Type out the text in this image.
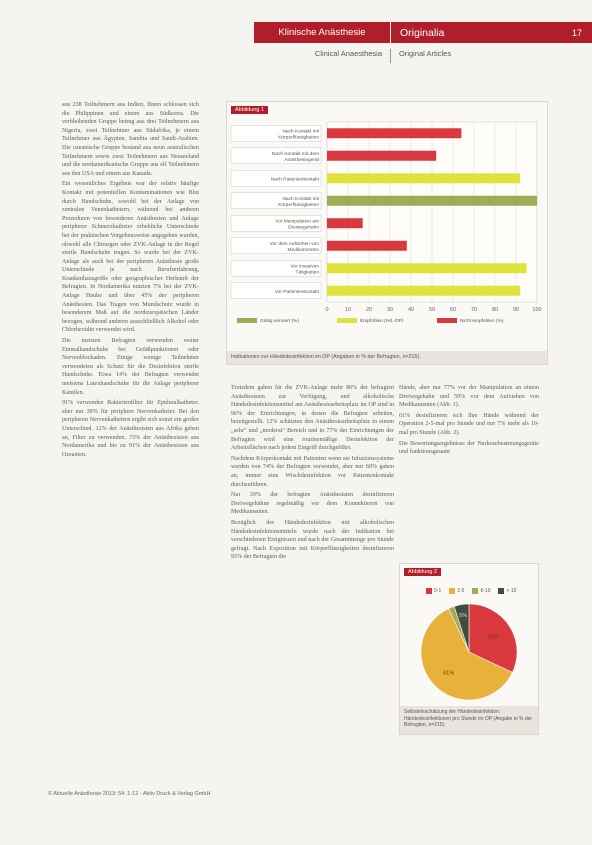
Klinische Anästhesie	Originalia	17
Clinical Anaesthesia	Original Articles

aus 238 Teilnehmern aus Indien, Ihnen schlossen sich die Philippinen und einem aus Südkorea. Die verbleibenden Gruppe betrug aus drei Teilnehmern aus Nigeria, zwei Teilnehmer aus Südafrika, je einem Teilnehmer aus Ägypten, Sambia und Saudi-Arabien. Die ozeanische Gruppe bestand aus neun australischen Teilnehmern sowie zwei Teilnehmern aus Neuseeland und die nordamerikanische Gruppe aus elf Teilnehmern aus den USA und einem aus Kanada.

Ein wesentliches Ergebnis war der relativ häufige Kontakt mit potentiellen Kontaminationen wie Blut durch Handschuhe, sowohl bei der Anlage von zentralen Venenkathetern, während bei anderen Prozeduren von besonderen Anästhesien und Anlage peripherer Schmerzkatheter erhebliche Unterschiede bei der praktischen Vorgehensweise angegeben wurden, obwohl alle Chirurgen oder ZVK-Anlage in der Regel sterile Handschuhe trugen. So wurde bei der ZVK-Anlage als auch bei der peripheren Anästhesie große Unterschiede je nach Berufserfahrung, Krankenhausgröße oder geographischer Herkunft der Befragten. In Nordamerika nutzten 7% bei der ZVK-Anlage Haube und über 45% der peripheren Anästhesien. Das Tragen von Mundschutz wurde in besonderem Maß auf die nordeuropäischen Länder bezogen, während anderen ausschließlich Alkohol oder Chlorhexidin verwendet wird.

Die meisten Befragten verwenden weiter Einmalhandschuhe bei Gefäßpunktionen oder Nervenblockaden. Einige wenige Teilnehmer verwendeten als Schutz für die Desinfektion sterile Handschuhe. Etwa 14% der Befragten verwendet meistens Latexhandschuhe für die Anlage peripherer Kanülen.

91% verwenden Bakterienfilter für Epiduralkatheter, aber nur 39% für periphere Nervenkatheter. Bei den peripheren Nervenkathetern ergibt sich somit ein großer Unterschied. 12% der Anästhesisten aus Afrika geben an, Filter zu verwenden. 73% der Anästhesisten aus Nordamerika und bis zu 91% der Anästhesisten aus Ozeanien.

Abbildung 1
0	10	20	30	40	50	60	70	80	90 100
Nach Kontakt mit
Körperflüssigkeiten
Nach Kontakt mit dem
Anästhesiegerät
Nach Patientenkontakt
Nach Kontakt mit
Körperflüssigkeiten
Vor Manipulation am
Dreiwegehahn
Vor dem Aufziehen von
Medikamenten
Vor invasiven
Tätigkeiten
Vor Patientenkontakt
Gültig erinnert (%)	Empfohlen (Hd.-OP)	Nicht empfohlen (%)
Indikationen zur Händedesinfektion im OP (Angaben in % der Befragten, n=215).

Trotzdem gaben für die ZVK-Anlage mehr 86% der befragten Anästhesisten zur Verfügung, und alkoholische Händedesinfektionsmittel am Anästhesiearbeitsplatz im OP sind in 96% der Einrichtungen, in denen die Befragten arbeiten, bereitgestellt. 12% schätzten den Anästhesiearbeitsplatz in einem „sehr" und „moderat" Bereich und in 77% der Einrichtungen der Befragten wird eine routinemäßige Desinfektion der Arbeitsflächen nach jedem Eingriff durchgeführt.

Nachdem Körperkontakt mit Patienten wenn sie Infusionssysteme werden von 74% der Befragten verwendet, aber nur 60% gaben an, immer eine Wischdesinfektion vor Patientenkontakt durchzuführen.

Nur 39% der befragten Anästhesisten desinfizieren Dreiwegehähne regelmäßig vor dem Konnektieren von Medikamenten.

Bezüglich der Händedesinfektion mit alkoholischen Händedesinfektionsmitteln wurde nach der Indikation bei verschiedenen Ereignissen und nach der Gesamtmenge pro Stunde gefragt. Nach Exposition mit Körperflüssigkeiten desinfizieren 95% der Befragten die

Hände, aber nur 77% vor der Manipulation an einem Dreiwegehahn und 59% vor dem Aufziehen von Medikamenten (Abb. 1).

61% desinfizieren sich ihre Hände während der Operation 2-5-mal pro Stunde und nur 7% mehr als 10-mal pro Stunde (Abb. 2).

Die Bewertungsergebnisse der Narkosebeatmungsgeräte und funktionsgesamt

Abbildung 2
0-1	2-5	6-10	> 10
32%
61%
5%
Selbsteinschätzung der Händedesinfektion: Händedesinfektionen pro Stunde im OP (Angabe in % der Befragten, n=215).
© Aktuelle Anästhesie 2013; 54: 1-12 · Aktiv Druck & Verlag GmbH
